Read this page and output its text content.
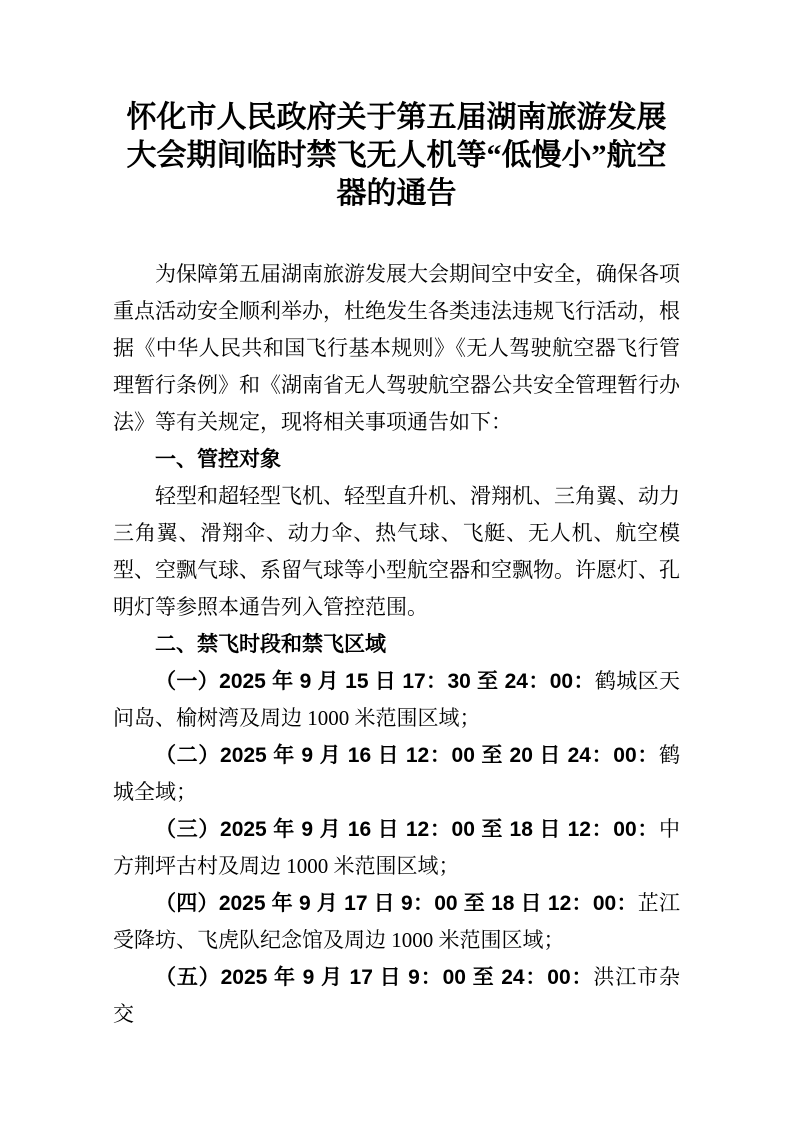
怀化市人民政府关于第五届湖南旅游发展大会期间临时禁飞无人机等“低慢小”航空器的通告

为保障第五届湖南旅游发展大会期间空中安全，确保各项重点活动安全顺利举办，杜绝发生各类违法违规飞行活动，根据《中华人民共和国飞行基本规则》《无人驾驶航空器飞行管理暂行条例》和《湖南省无人驾驶航空器公共安全管理暂行办法》等有关规定，现将相关事项通告如下：

一、管控对象

轻型和超轻型飞机、轻型直升机、滑翔机、三角翼、动力三角翼、滑翔伞、动力伞、热气球、飞艇、无人机、航空模型、空飘气球、系留气球等小型航空器和空飘物。许愿灯、孔明灯等参照本通告列入管控范围。

二、禁飞时段和禁飞区域

（一）2025 年 9 月 15 日 17：30 至 24：00：鹤城区天问岛、榆树湾及周边 1000 米范围区域；

（二）2025 年 9 月 16 日 12：00 至 20 日 24：00：鹤城全域；

（三）2025 年 9 月 16 日 12：00 至 18 日 12：00：中方荆坪古村及周边 1000 米范围区域；

（四）2025 年 9 月 17 日 9：00 至 18 日 12：00：芷江受降坊、飞虎队纪念馆及周边 1000 米范围区域；

（五）2025 年 9 月 17 日 9：00 至 24：00：洪江市杂交
